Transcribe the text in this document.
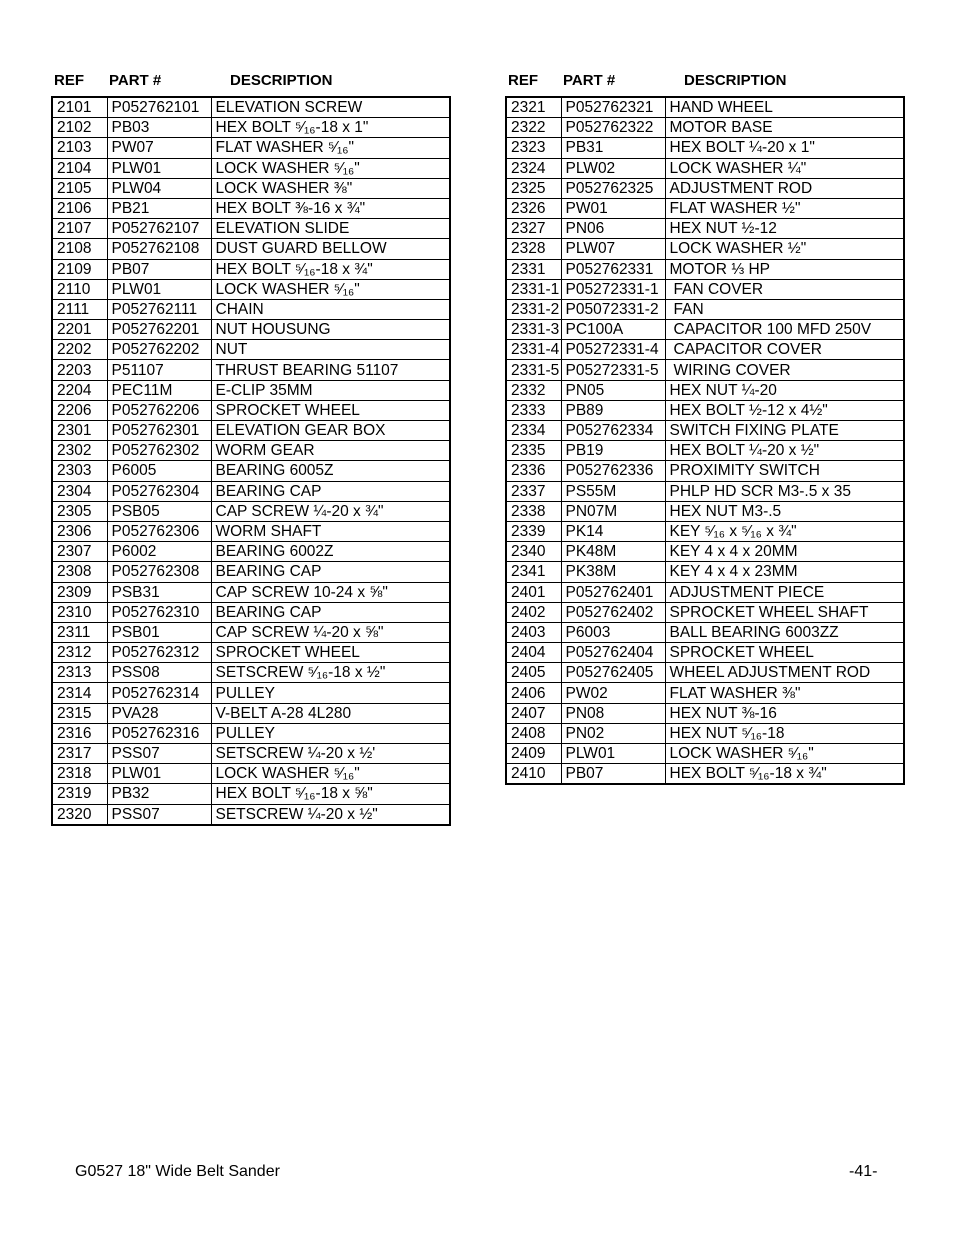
REF PART #	DESCRIPTION
2101	P052762101	ELEVATION SCREW
2102	PB03	HEX BOLT ⁵⁄₁₆-18 x 1"
2103	PW07	FLAT WASHER ⁵⁄₁₆"
2104	PLW01	LOCK WASHER ⁵⁄₁₆"
2105	PLW04	LOCK WASHER ⅜"
2106	PB21	HEX BOLT ⅜-16 x ¾"
2107	P052762107	ELEVATION SLIDE
2108	P052762108	DUST GUARD BELLOW
2109	PB07	HEX BOLT ⁵⁄₁₆-18 x ¾"
2110	PLW01	LOCK WASHER ⁵⁄₁₆"
2111	P052762111	CHAIN
2201	P052762201	NUT HOUSUNG
2202	P052762202	NUT
2203	P51107	THRUST BEARING 51107
2204	PEC11M	E-CLIP 35MM
2206	P052762206	SPROCKET WHEEL
2301	P052762301	ELEVATION GEAR BOX
2302	P052762302	WORM GEAR
2303	P6005	BEARING 6005Z
2304	P052762304	BEARING CAP
2305	PSB05	CAP SCREW ¼-20 x ¾"
2306	P052762306	WORM SHAFT
2307	P6002	BEARING 6002Z
2308	P052762308	BEARING CAP
2309	PSB31	CAP SCREW 10-24 x ⅝"
2310	P052762310	BEARING CAP
2311	PSB01	CAP SCREW ¼-20 x ⅝"
2312	P052762312	SPROCKET WHEEL
2313	PSS08	SETSCREW ⁵⁄₁₆-18 x ½"
2314	P052762314	PULLEY
2315	PVA28	V-BELT A-28 4L280
2316	P052762316	PULLEY
2317	PSS07	SETSCREW ¼-20 x ½'
2318	PLW01	LOCK WASHER ⁵⁄₁₆"
2319	PB32	HEX BOLT ⁵⁄₁₆-18 x ⅝"
2320	PSS07	SETSCREW ¼-20 x ½"
REF PART #	DESCRIPTION
2321	P052762321	HAND WHEEL
2322	P052762322	MOTOR BASE
2323	PB31	HEX BOLT ¼-20 x 1"
2324	PLW02	LOCK WASHER ¼"
2325	P052762325	ADJUSTMENT ROD
2326	PW01	FLAT WASHER ½"
2327	PN06	HEX NUT ½-12
2328	PLW07	LOCK WASHER ½"
2331	P052762331	MOTOR ⅓ HP
2331-1	P05272331-1	FAN COVER
2331-2	P05072331-2	FAN
2331-3	PC100A	CAPACITOR 100 MFD 250V
2331-4	P05272331-4	CAPACITOR COVER
2331-5	P05272331-5	WIRING COVER
2332	PN05	HEX NUT ¼-20
2333	PB89	HEX BOLT ½-12 x 4½"
2334	P052762334	SWITCH FIXING PLATE
2335	PB19	HEX BOLT ¼-20 x ½"
2336	P052762336	PROXIMITY SWITCH
2337	PS55M	PHLP HD SCR M3-.5 x 35
2338	PN07M	HEX NUT M3-.5
2339	PK14	KEY ⁵⁄₁₆ x ⁵⁄₁₆ x ¾"
2340	PK48M	KEY 4 x 4 x 20MM
2341	PK38M	KEY 4 x 4 x 23MM
2401	P052762401	ADJUSTMENT PIECE
2402	P052762402	SPROCKET WHEEL SHAFT
2403	P6003	BALL BEARING 6003ZZ
2404	P052762404	SPROCKET WHEEL
2405	P052762405	WHEEL ADJUSTMENT ROD
2406	PW02	FLAT WASHER ⅜"
2407	PN08	HEX NUT ⅜-16
2408	PN02	HEX NUT ⁵⁄₁₆-18
2409	PLW01	LOCK WASHER ⁵⁄₁₆"
2410	PB07	HEX BOLT ⁵⁄₁₆-18 x ¾"
G0527 18" Wide Belt Sander	-41-
